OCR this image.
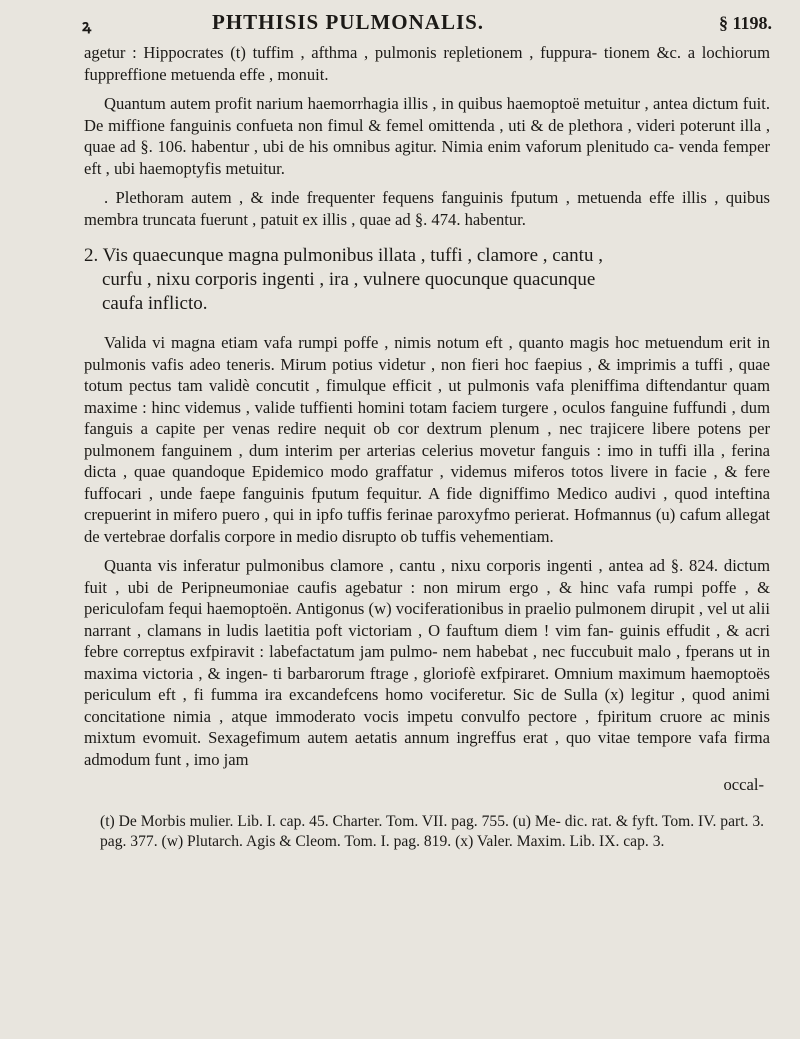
ꝝ	PHTHISIS PULMONALIS.	§ 1198.

agetur : Hippocrates (t) tuffim , afthma , pulmonis repletionem , fuppura- tionem &c. a lochiorum fuppreffione metuenda effe , monuit.

Quantum autem profit narium haemorrhagia illis , in quibus haemoptoë metuitur , antea dictum fuit. De miffione fanguinis confueta non fimul & femel omittenda , uti & de plethora , videri poterunt illa , quae ad §. 106. habentur , ubi de his omnibus agitur. Nimia enim vaforum plenitudo ca- venda femper eft , ubi haemoptyfis metuitur.

. Plethoram autem , & inde frequenter fequens fanguinis fputum , metuenda effe illis , quibus membra truncata fuerunt , patuit ex illis , quae ad §. 474. habentur.

2. Vis quaecunque magna pulmonibus illata , tuffi , clamore , cantu ,
curfu , nixu corporis ingenti , ira , vulnere quocunque quacunque
caufa inflicto.

Valida vi magna etiam vafa rumpi poffe , nimis notum eft , quanto magis hoc metuendum erit in pulmonis vafis adeo teneris. Mirum potius videtur , non fieri hoc faepius , & imprimis a tuffi , quae totum pectus tam validè concutit , fimulque efficit , ut pulmonis vafa pleniffima diftendantur quam maxime : hinc videmus , valide tuffienti homini totam faciem turgere , oculos fanguine fuffundi , dum fanguis a capite per venas redire nequit ob cor dextrum plenum , nec trajicere libere potens per pulmonem fanguinem , dum interim per arterias celerius movetur fanguis : imo in tuffi illa , ferina dicta , quae quandoque Epidemico modo graffatur , videmus miferos totos livere in facie , & fere fuffocari , unde faepe fanguinis fputum fequitur. A fide digniffimo Medico audivi , quod inteftina crepuerint in mifero puero , qui in ipfo tuffis ferinae paroxyfmo perierat. Hofmannus (u) cafum allegat de vertebrae dorfalis corpore in medio disrupto ob tuffis vehementiam.

Quanta vis inferatur pulmonibus clamore , cantu , nixu corporis ingenti , antea ad §. 824. dictum fuit , ubi de Peripneumoniae caufis agebatur : non mirum ergo , & hinc vafa rumpi poffe , & periculofam fequi haemoptoën. Antigonus (w) vociferationibus in praelio pulmonem dirupit , vel ut alii narrant , clamans in ludis laetitia poft victoriam , O fauftum diem ! vim fan- guinis effudit , & acri febre correptus exfpiravit : labefactatum jam pulmo- nem habebat , nec fuccubuit malo , fperans ut in maxima victoria , & ingen- ti barbarorum ftrage , gloriofè exfpiraret. Omnium maximum haemoptoës periculum eft , fi fumma ira excandefcens homo vociferetur. Sic de Sulla (x) legitur , quod animi concitatione nimia , atque immoderato vocis impetu convulfo pectore , fpiritum cruore ac minis mixtum evomuit. Sexagefimum autem aetatis annum ingreffus erat , quo vitae tempore vafa firma admodum funt , imo jam

occal-

(t) De Morbis mulier. Lib. I. cap. 45. Charter. Tom. VII. pag. 755. (u) Me- dic. rat. & fyft. Tom. IV. part. 3. pag. 377. (w) Plutarch. Agis & Cleom. Tom. I. pag. 819. (x) Valer. Maxim. Lib. IX. cap. 3.
